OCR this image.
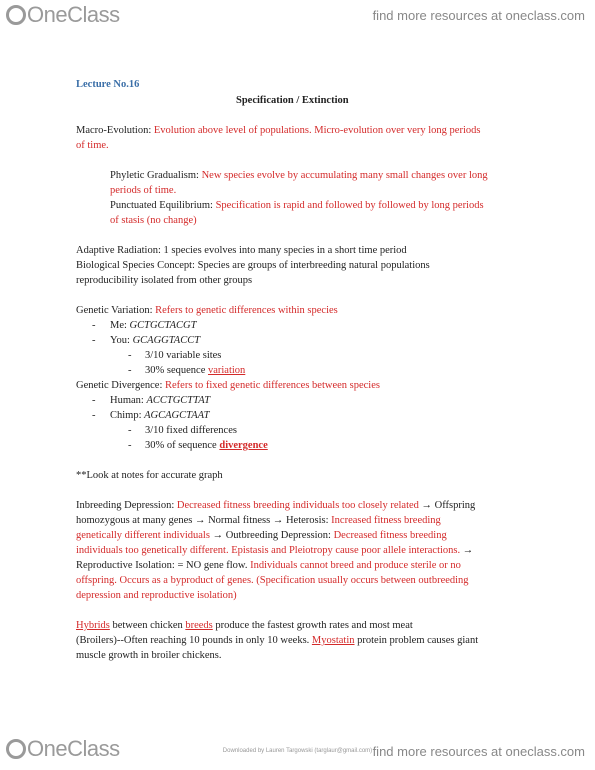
OneClass	find more resources at oneclass.com
Lecture No.16
Specification / Extinction
Macro-Evolution: Evolution above level of populations. Micro-evolution over very long periods
of time.
Phyletic Gradualism: New species evolve by accumulating many small changes over long
periods of time.
Punctuated Equilibrium: Specification is rapid and followed by followed by long periods
of stasis (no change)
Adaptive Radiation: 1 species evolves into many species in a short time period
Biological Species Concept: Species are groups of interbreeding natural populations
reproducibility isolated from other groups
Genetic Variation: Refers to genetic differences within species
- Me: GCTGCTACGT
- You: GCAGGTACCT
- 3/10 variable sites
- 30% sequence variation
Genetic Divergence: Refers to fixed genetic differences between species
- Human: ACCTGCTTAT
- Chimp: AGCAGCTAAT
- 3/10 fixed differences
- 30% of sequence divergence
**Look at notes for accurate graph
Inbreeding Depression: Decreased fitness breeding individuals too closely related → Offspring
homozygous at many genes → Normal fitness → Heterosis: Increased fitness breeding
genetically different individuals → Outbreeding Depression: Decreased fitness breeding
individuals too genetically different. Epistasis and Pleiotropy cause poor allele interactions. →
Reproductive Isolation: = NO gene flow. Individuals cannot breed and produce sterile or no
offspring. Occurs as a byproduct of genes. (Specification usually occurs between outbreeding
depression and reproductive isolation)
Hybrids between chicken breeds produce the fastest growth rates and most meat
(Broilers)--Often reaching 10 pounds in only 10 weeks. Myostatin protein problem causes giant
muscle growth in broiler chickens.
OneClass	find more resources at oneclass.com
Downloaded by Lauren Targowski (targlaur@gmail.com)
